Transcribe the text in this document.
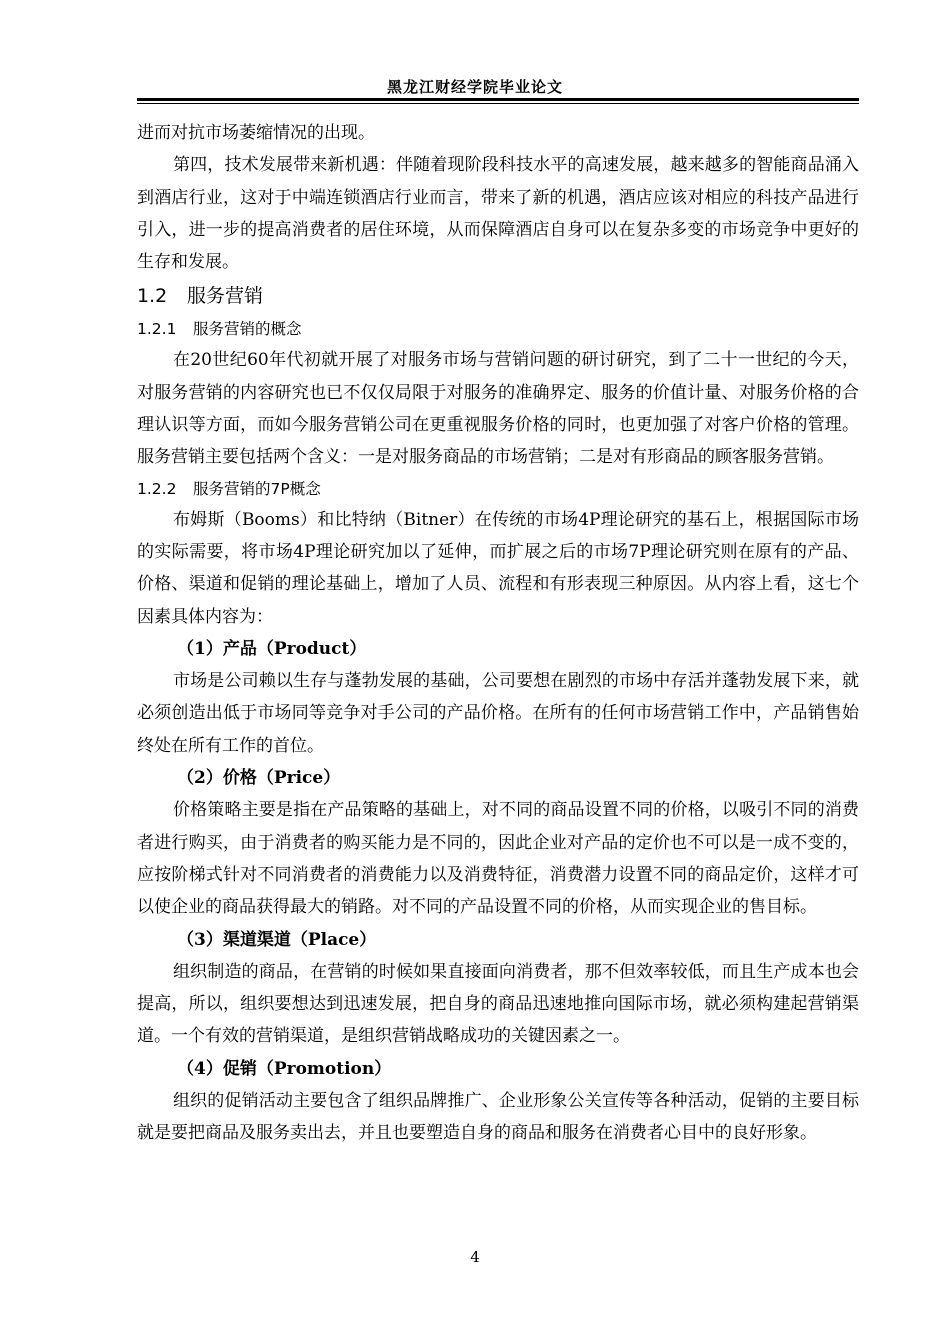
黑龙江财经学院毕业论文

进而对抗市场萎缩情况的出现。

第四，技术发展带来新机遇：伴随着现阶段科技水平的高速发展，越来越多的智能商品涌入到酒店行业，这对于中端连锁酒店行业而言，带来了新的机遇，酒店应该对相应的科技产品进行引入，进一步的提高消费者的居住环境，从而保障酒店自身可以在复杂多变的市场竞争中更好的生存和发展。

1.2 服务营销
1.2.1 服务营销的概念

在20世纪60年代初就开展了对服务市场与营销问题的研讨研究，到了二十一世纪的今天，对服务营销的内容研究也已不仅仅局限于对服务的准确界定、服务的价值计量、对服务价格的合理认识等方面，而如今服务营销公司在更重视服务价格的同时，也更加强了对客户价格的管理。服务营销主要包括两个含义：一是对服务商品的市场营销；二是对有形商品的顾客服务营销。

1.2.2 服务营销的7P概念

布姆斯（Booms）和比特纳（Bitner）在传统的市场4P理论研究的基石上，根据国际市场的实际需要，将市场4P理论研究加以了延伸，而扩展之后的市场7P理论研究则在原有的产品、价格、渠道和促销的理论基础上，增加了人员、流程和有形表现三种原因。从内容上看，这七个因素具体内容为：

（1）产品（Product）

市场是公司赖以生存与蓬勃发展的基础，公司要想在剧烈的市场中存活并蓬勃发展下来，就必须创造出低于市场同等竞争对手公司的产品价格。在所有的任何市场营销工作中，产品销售始终处在所有工作的首位。

（2）价格（Price）

价格策略主要是指在产品策略的基础上，对不同的商品设置不同的价格，以吸引不同的消费者进行购买，由于消费者的购买能力是不同的，因此企业对产品的定价也不可以是一成不变的，应按阶梯式针对不同消费者的消费能力以及消费特征，消费潜力设置不同的商品定价，这样才可以使企业的商品获得最大的销路。对不同的产品设置不同的价格，从而实现企业的售目标。

（3）渠道渠道（Place）

组织制造的商品，在营销的时候如果直接面向消费者，那不但效率较低，而且生产成本也会提高，所以，组织要想达到迅速发展，把自身的商品迅速地推向国际市场，就必须构建起营销渠道。一个有效的营销渠道，是组织营销战略成功的关键因素之一。

（4）促销（Promotion）

组织的促销活动主要包含了组织品牌推广、企业形象公关宣传等各种活动，促销的主要目标就是要把商品及服务卖出去，并且也要塑造自身的商品和服务在消费者心目中的良好形象。

4
